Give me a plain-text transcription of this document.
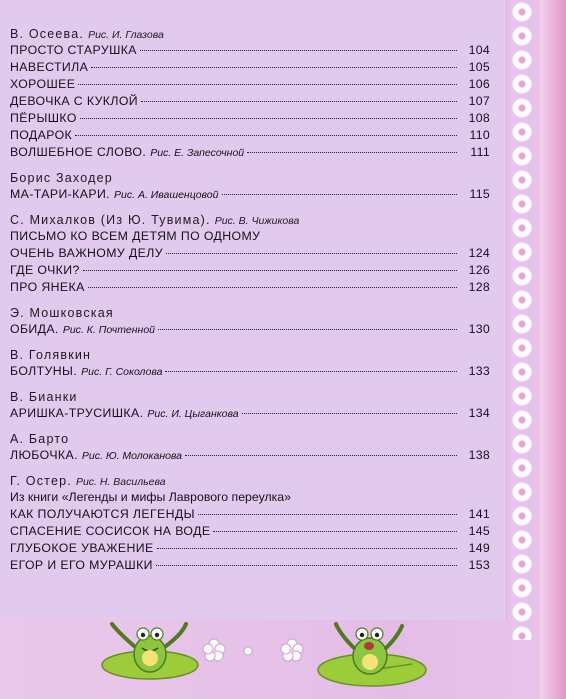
В. Осеева. Рис. И. Глазова
ПРОСТО СТАРУШКА	104
НАВЕСТИЛА	105
ХОРОШЕЕ	106
ДЕВОЧКА С КУКЛОЙ	107
ПЁРЫШКО	108
ПОДАРОК	110
ВОЛШЕБНОЕ СЛОВО. Рис. Е. Запесочной	111
Борис Заходер
МА-ТАРИ-КАРИ. Рис. А. Ивашенцовой	115
С. Михалков (Из Ю. Тувима). Рис. В. Чижикова
ПИСЬМО КО ВСЕМ ДЕТЯМ ПО ОДНОМУ
ОЧЕНЬ ВАЖНОМУ ДЕЛУ	124
ГДЕ ОЧКИ?	126
ПРО ЯНЕКА	128
Э. Мошковская
ОБИДА. Рис. К. Почтенной	130
В. Голявкин
БОЛТУНЫ. Рис. Г. Соколова	133
В. Бианки
АРИШКА-ТРУСИШКА. Рис. И. Цыганкова	134
А. Барто
ЛЮБОЧКА. Рис. Ю. Молоканова	138
Г. Остер. Рис. Н. Васильева
Из книги «Легенды и мифы Лаврового переулка»
КАК ПОЛУЧАЮТСЯ ЛЕГЕНДЫ	141
СПАСЕНИЕ СОСИСОК НА ВОДЕ	145
ГЛУБОКОЕ УВАЖЕНИЕ	149
ЕГОР И ЕГО МУРАШКИ	153
